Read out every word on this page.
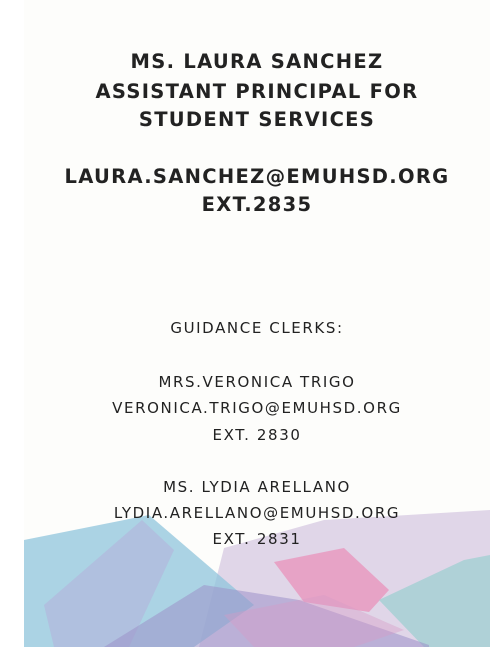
MS. LAURA SANCHEZ
ASSISTANT PRINCIPAL FOR
STUDENT SERVICES
LAURA.SANCHEZ@EMUHSD.ORG
EXT.2835
GUIDANCE CLERKS:
MRS.VERONICA TRIGO
VERONICA.TRIGO@EMUHSD.ORG
EXT. 2830
MS. LYDIA ARELLANO
LYDIA.ARELLANO@EMUHSD.ORG
EXT. 2831
